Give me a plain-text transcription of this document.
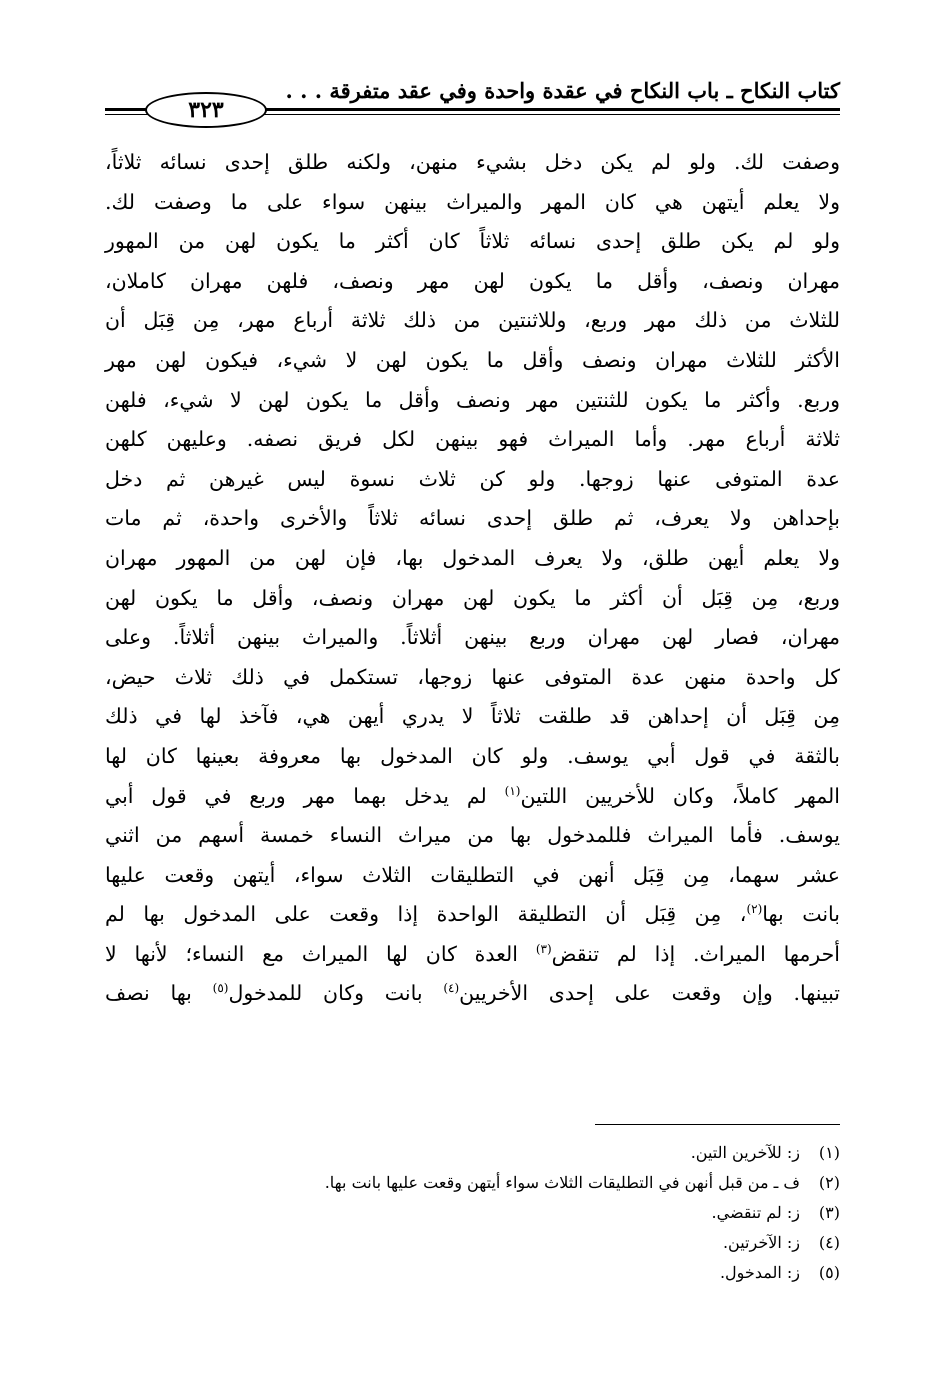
كتاب النكاح ـ باب النكاح في عقدة واحدة وفي عقد متفرقة . . .
٣٢٣
وصفت لك. ولو لم يكن دخل بشيء منهن، ولكنه طلق إحدى نسائه ثلاثاً،
ولا يعلم أيتهن هي كان المهر والميراث بينهن سواء على ما وصفت لك.
ولو لم يكن طلق إحدى نسائه ثلاثاً كان أكثر ما يكون لهن من المهور
مهران ونصف، وأقل ما يكون لهن مهر ونصف، فلهن مهران كاملان،
للثلاث من ذلك مهر وربع، وللاثنتين من ذلك ثلاثة أرباع مهر، مِن قِبَل أن
الأكثر للثلاث مهران ونصف وأقل ما يكون لهن لا شيء، فيكون لهن مهر
وربع. وأكثر ما يكون للثنتين مهر ونصف وأقل ما يكون لهن لا شيء، فلهن
ثلاثة أرباع مهر. وأما الميراث فهو بينهن لكل فريق نصفه. وعليهن كلهن
عدة المتوفى عنها زوجها. ولو كن ثلاث نسوة ليس غيرهن ثم دخل
بإحداهن ولا يعرف، ثم طلق إحدى نسائه ثلاثاً والأخرى واحدة، ثم مات
ولا يعلم أيهن طلق، ولا يعرف المدخول بها، فإن لهن من المهور مهران
وربع، مِن قِبَل أن أكثر ما يكون لهن مهران ونصف، وأقل ما يكون لهن
مهران، فصار لهن مهران وربع بينهن أثلاثاً. والميراث بينهن أثلاثاً. وعلى
كل واحدة منهن عدة المتوفى عنها زوجها، تستكمل في ذلك ثلاث حيض،
مِن قِبَل أن إحداهن قد طلقت ثلاثاً لا يدري أيهن هي، فآخذ لها في ذلك
بالثقة في قول أبي يوسف. ولو كان المدخول بها معروفة بعينها كان لها
المهر كاملاً، وكان للأخريين اللتين$^{(١)}$ لم يدخل بهما مهر وربع في قول أبي
يوسف. فأما الميراث فللمدخول بها من ميراث النساء خمسة أسهم من اثني
عشر سهما، مِن قِبَل أنهن في التطليقات الثلاث سواء، أيتهن وقعت عليها
بانت بها$^{(٢)}$، مِن قِبَل أن التطليقة الواحدة إذا وقعت على المدخول بها لم
أحرمها الميراث. إذا لم تنقض$^{(٣)}$ العدة كان لها الميراث مع النساء؛ لأنها لا
تبينها. وإن وقعت على إحدى الأخريين$^{(٤)}$ بانت وكان للمدخول$^{(٥)}$ بها نصف
(١)ز: للآخرين التين.
(٢)ف ـ من قبل أنهن في التطليقات الثلاث سواء أيتهن وقعت عليها بانت بها.
(٣)ز: لم تنقضي.
(٤)ز: الآخرتين.
(٥)ز: المدخول.
